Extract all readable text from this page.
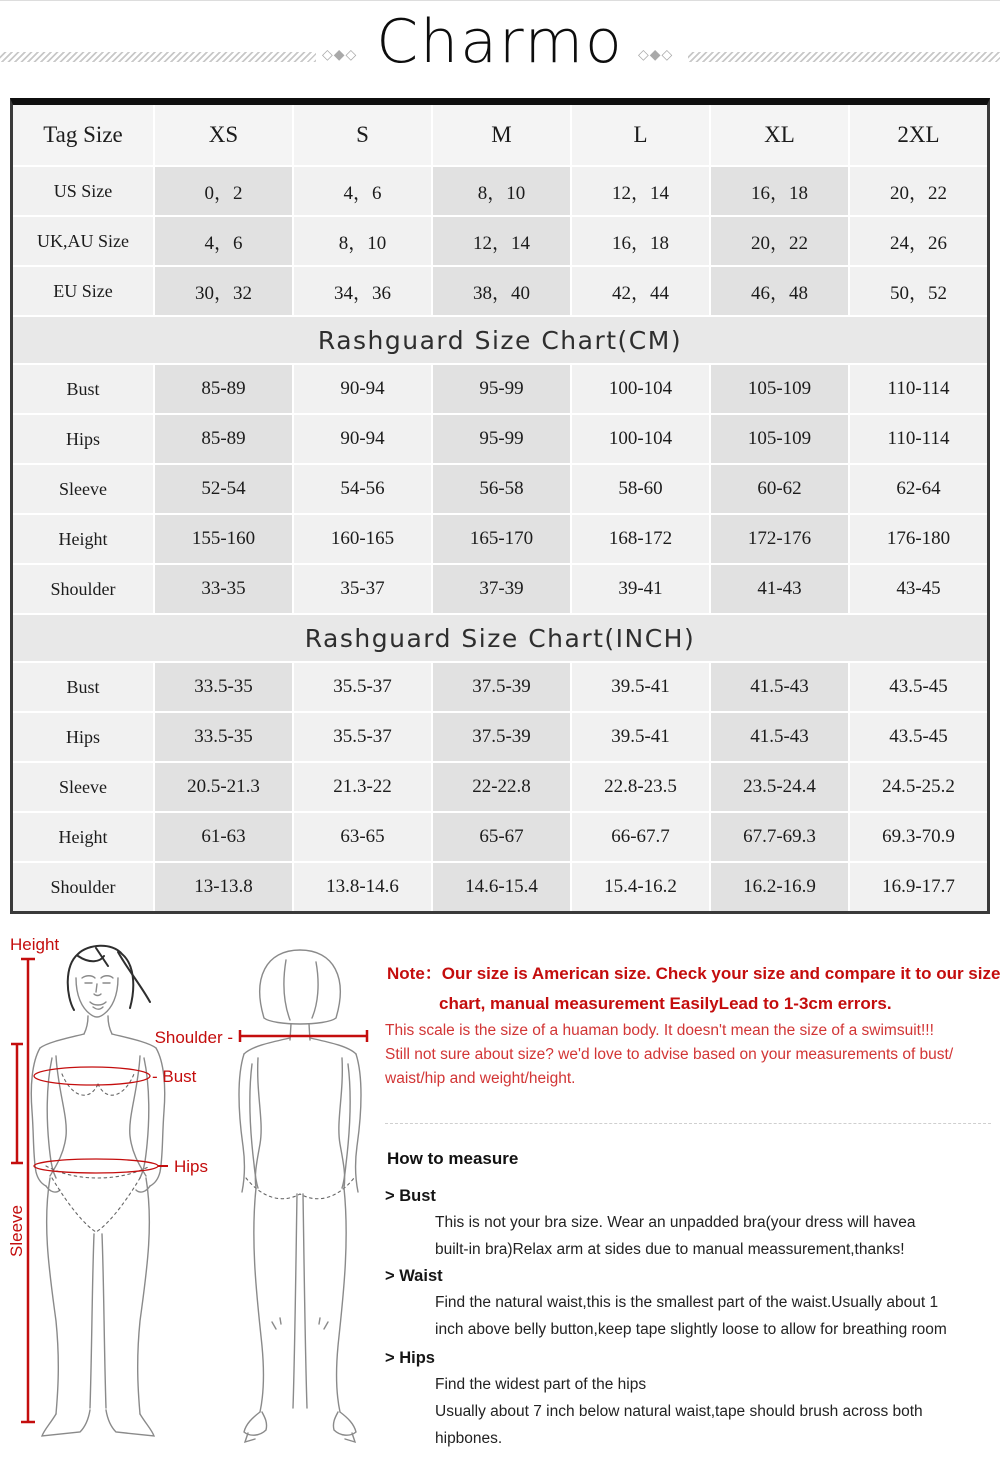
◇◆◇ Charmo	◇◆◇
Tag Size	XS	S	M	L	XL	2XL
US Size	0，2	4，6	8，10	12，14	16，18	20，22
UK,AU Size	4，6	8，10	12，14	16，18	20，22	24，26
EU Size	30，32	34，36	38，40	42，44	46，48	50，52
Rashguard Size Chart(CM)
Bust	85-89	90-94	95-99	100-104	105-109	110-114
Hips	85-89	90-94	95-99	100-104	105-109	110-114
Sleeve	52-54	54-56	56-58	58-60	60-62	62-64
Height	155-160	160-165	165-170	168-172	172-176	176-180
Shoulder	33-35	35-37	37-39	39-41	41-43	43-45
Rashguard Size Chart(INCH)
Bust	33.5-35	35.5-37	37.5-39	39.5-41	41.5-43	43.5-45
Hips	33.5-35	35.5-37	37.5-39	39.5-41	41.5-43	43.5-45
Sleeve	20.5-21.3	21.3-22	22-22.8	22.8-23.5	23.5-24.4	24.5-25.2
Height	61-63	63-65	65-67	66-67.7	67.7-69.3	69.3-70.9
Shoulder	13-13.8	13.8-14.6	14.6-15.4	15.4-16.2	16.2-16.9	16.9-17.7
Height
Sleeve
Shoulder -
- Bust
Hips
Note：Our size is American size. Check your size and compare it to our size
chart, manual measurement EasilyLead to 1-3cm errors.
This scale is the size of a huaman body. It doesn't mean the size of a swimsuit!!!
Still not sure about size? we'd love to advise based on your measurements of bust/
waist/hip and weight/height.
How to measure
> Bust
This is not your bra size. Wear an unpadded bra(your dress will havea
built-in bra)Relax arm at sides due to manual meassurement,thanks!
> Waist
Find the natural waist,this is the smallest part of the waist.Usually about 1
inch above belly button,keep tape slightly loose to allow for breathing room
> Hips
Find the widest part of the hips
Usually about 7 inch below natural waist,tape should brush across both
hipbones.
